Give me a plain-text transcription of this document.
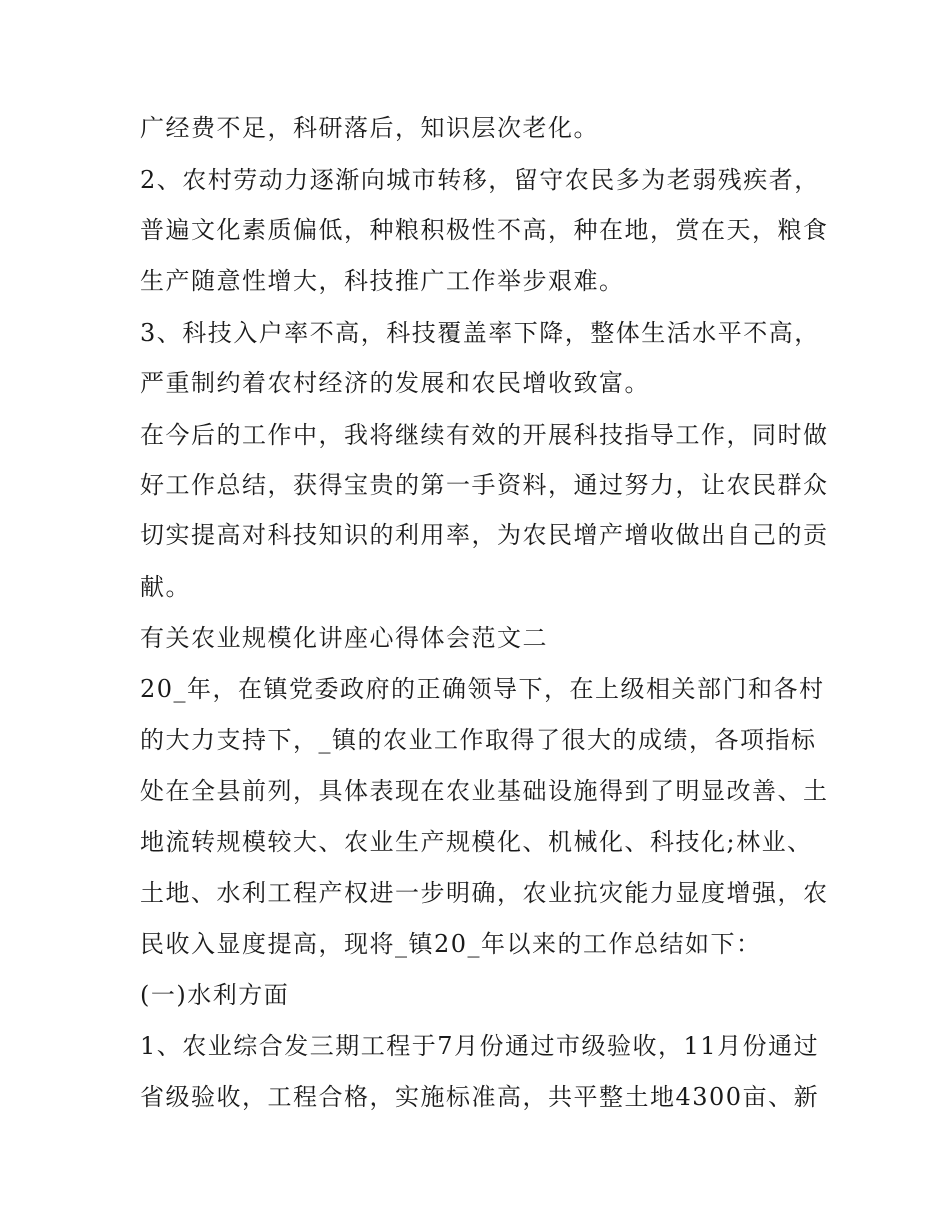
广经费不足，科研落后，知识层次老化。
2、农村劳动力逐渐向城市转移，留守农民多为老弱残疾者，
普遍文化素质偏低，种粮积极性不高，种在地，赏在天，粮食
生产随意性增大，科技推广工作举步艰难。
3、科技入户率不高，科技覆盖率下降，整体生活水平不高，
严重制约着农村经济的发展和农民增收致富。
在今后的工作中，我将继续有效的开展科技指导工作，同时做
好工作总结，获得宝贵的第一手资料，通过努力，让农民群众
切实提高对科技知识的利用率，为农民增产增收做出自己的贡
献。
有关农业规模化讲座心得体会范文二
20_年，在镇党委政府的正确领导下，在上级相关部门和各村
的大力支持下，_镇的农业工作取得了很大的成绩，各项指标
处在全县前列，具体表现在农业基础设施得到了明显改善、土
地流转规模较大、农业生产规模化、机械化、科技化;林业、
土地、水利工程产权进一步明确，农业抗灾能力显度增强，农
民收入显度提高，现将_镇20_年以来的工作总结如下：
(一)水利方面
1、农业综合发三期工程于7月份通过市级验收，11月份通过
省级验收，工程合格，实施标准高，共平整土地4300亩、新
